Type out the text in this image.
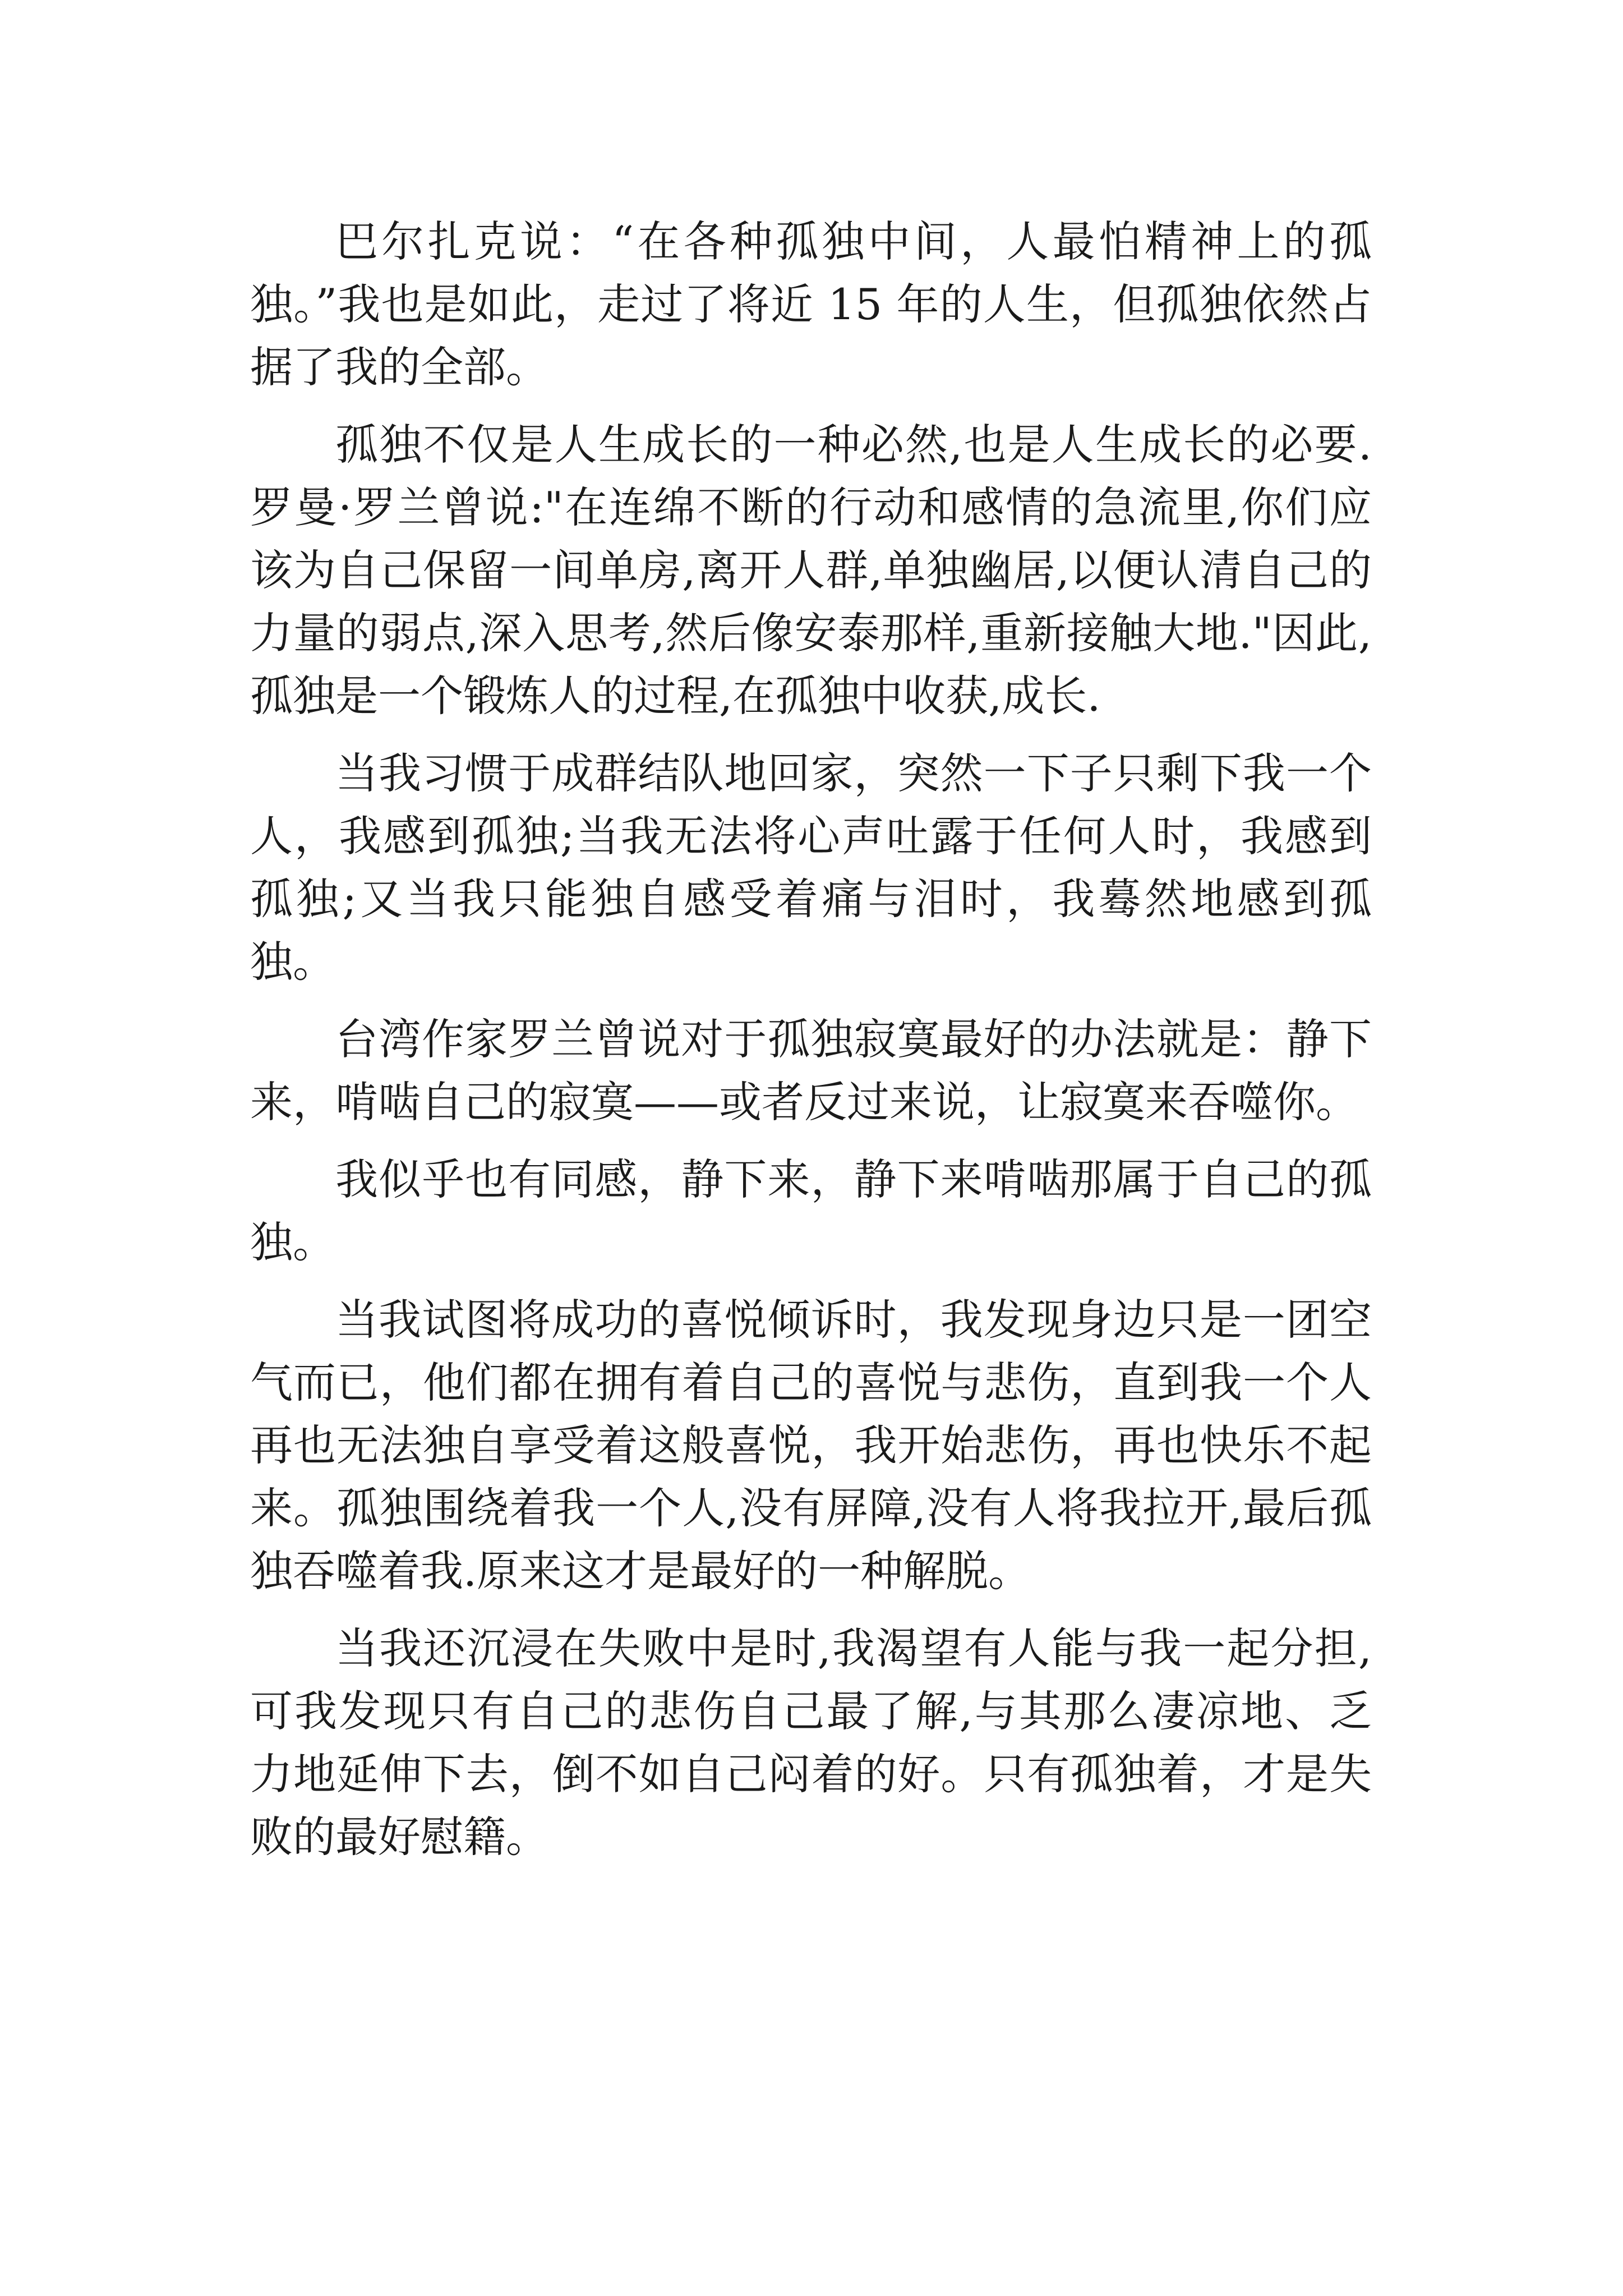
巴尔扎克说：“在各种孤独中间，人最怕精神上的孤独。”我也是如此，走过了将近 15 年的人生，但孤独依然占据了我的全部。

孤独不仅是人生成长的一种必然,也是人生成长的必要.罗曼·罗兰曾说:"在连绵不断的行动和感情的急流里,你们应该为自己保留一间单房,离开人群,单独幽居,以便认清自己的力量的弱点,深入思考,然后像安泰那样,重新接触大地."因此,孤独是一个锻炼人的过程,在孤独中收获,成长.

当我习惯于成群结队地回家，突然一下子只剩下我一个人，我感到孤独;当我无法将心声吐露于任何人时，我感到孤独;又当我只能独自感受着痛与泪时，我蓦然地感到孤独。

台湾作家罗兰曾说对于孤独寂寞最好的办法就是：静下来，啃啮自己的寂寞——或者反过来说，让寂寞来吞噬你。

我似乎也有同感，静下来，静下来啃啮那属于自己的孤独。

当我试图将成功的喜悦倾诉时，我发现身边只是一团空气而已，他们都在拥有着自己的喜悦与悲伤，直到我一个人再也无法独自享受着这般喜悦，我开始悲伤，再也快乐不起来。孤独围绕着我一个人,没有屏障,没有人将我拉开,最后孤独吞噬着我.原来这才是最好的一种解脱。

当我还沉浸在失败中是时,我渴望有人能与我一起分担,可我发现只有自己的悲伤自己最了解,与其那么凄凉地、乏力地延伸下去，倒不如自己闷着的好。只有孤独着，才是失败的最好慰籍。
